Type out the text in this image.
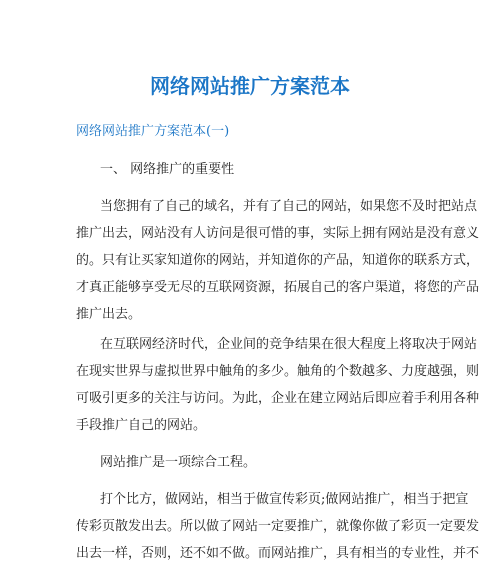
网络网站推广方案范本
网络网站推广方案范本(一)
一、 网络推广的重要性
当您拥有了自己的域名，并有了自己的网站，如果您不及时把站点
推广出去，网站没有人访问是很可惜的事，实际上拥有网站是没有意义
的。只有让买家知道你的网站，并知道你的产品，知道你的联系方式，
才真正能够享受无尽的互联网资源，拓展自己的客户渠道，将您的产品
推广出去。
在互联网经济时代，企业间的竞争结果在很大程度上将取决于网站
在现实世界与虚拟世界中触角的多少。触角的个数越多、力度越强，则
可吸引更多的关注与访问。为此，企业在建立网站后即应着手利用各种
手段推广自己的网站。
网站推广是一项综合工程。
打个比方，做网站，相当于做宣传彩页;做网站推广，相当于把宣
传彩页散发出去。所以做了网站一定要推广，就像你做了彩页一定要发
出去一样，否则，还不如不做。而网站推广，具有相当的专业性，并不
